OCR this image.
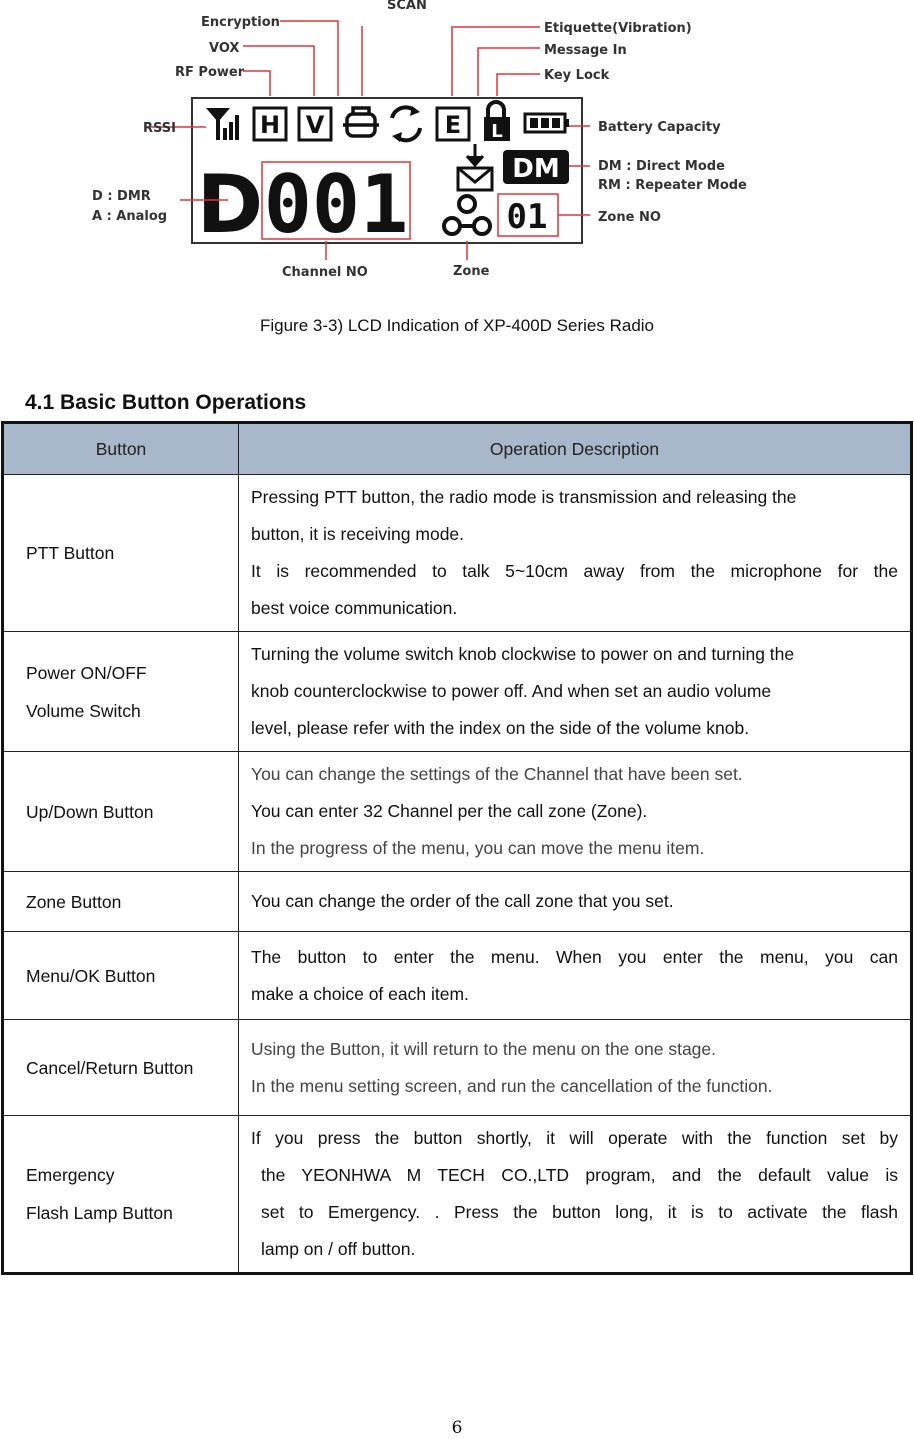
H V	E L
D 001	DM
01
Encryption
VOX
RF Power
RSSI
SCAN
Etiquette(Vibration)
Message In
Key Lock
Battery Capacity
DM : Direct Mode
RM : Repeater Mode
Zone NO
D : DMR
A : Analog
Channel NO	Zone
Figure 3-3) LCD Indication of XP-400D Series Radio
4.1 Basic Button Operations
Button	Operation Description

PTT Button	Pressing PTT button, the radio mode is transmission and releasing the
button, it is receiving mode.
It is recommended to talk 5~10cm away from the microphone for the
best voice communication.

Power ON/OFF
Volume Switch	Turning the volume switch knob clockwise to power on and turning the
knob counterclockwise to power off. And when set an audio volume
level, please refer with the index on the side of the volume knob.

Up/Down Button	You can change the settings of the Channel that have been set.
You can enter 32 Channel per the call zone (Zone).
In the progress of the menu, you can move the menu item.

Zone Button	You can change the order of the call zone that you set.

Menu/OK Button	The button to enter the menu. When you enter the menu, you can
make a choice of each item.

Cancel/Return Button	Using the Button, it will return to the menu on the one stage.
In the menu setting screen, and run the cancellation of the function.

Emergency
Flash Lamp Button	If you press the button shortly, it will operate with the function set by
the YEONHWA M TECH CO.,LTD program, and the default value is
set to Emergency. . Press the button long, it is to activate the flash
lamp on / off button.
6
